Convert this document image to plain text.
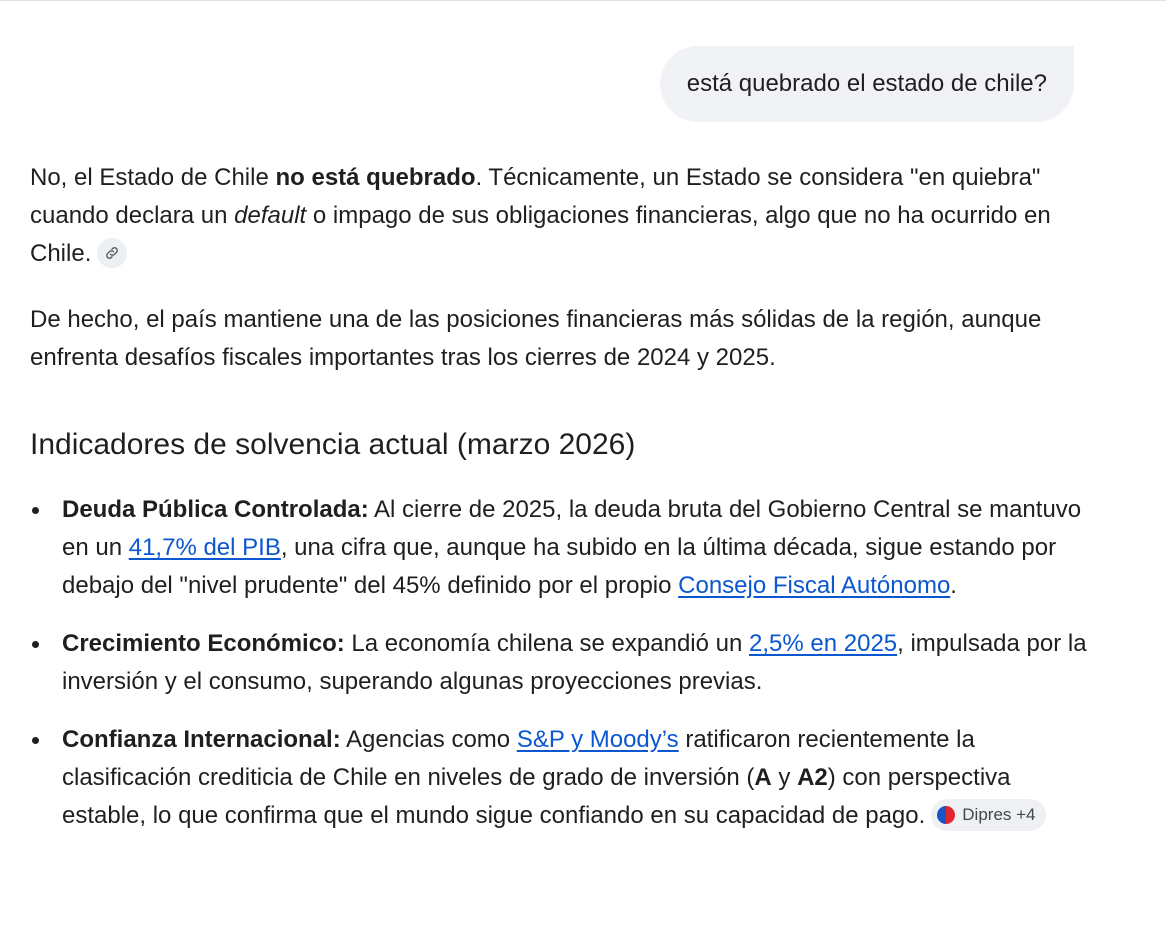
está quebrado el estado de chile?

No, el Estado de Chile no está quebrado. Técnicamente, un Estado se considera "en quiebra" cuando declara un default o impago de sus obligaciones financieras, algo que no ha ocurrido en Chile.

De hecho, el país mantiene una de las posiciones financieras más sólidas de la región, aunque enfrenta desafíos fiscales importantes tras los cierres de 2024 y 2025.

Indicadores de solvencia actual (marzo 2026)
Deuda Pública Controlada: Al cierre de 2025, la deuda bruta del Gobierno Central se mantuvo en un 41,7% del PIB, una cifra que, aunque ha subido en la última década, sigue estando por debajo del "nivel prudente" del 45% definido por el propio Consejo Fiscal Autónomo.
Crecimiento Económico: La economía chilena se expandió un 2,5% en 2025, impulsada por la inversión y el consumo, superando algunas proyecciones previas.
Confianza Internacional: Agencias como S&P y Moody’s ratificaron recientemente la clasificación crediticia de Chile en niveles de grado de inversión (A y A2) con perspectiva estable, lo que confirma que el mundo sigue confiando en su capacidad de pago. Dipres +4
